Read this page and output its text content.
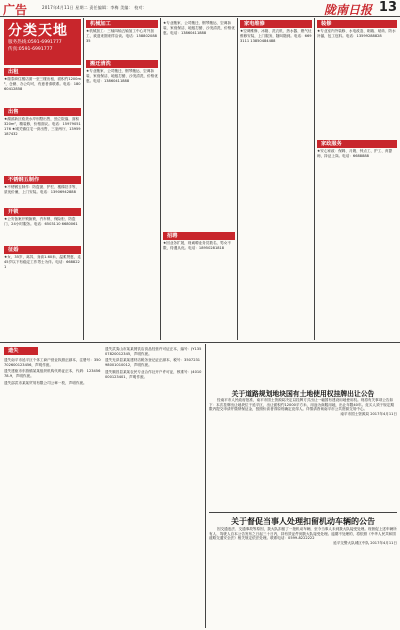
广告	2017年4月11日 星期二 责任编辑：李梅 美编： 校对：	陇南日报 13
分类天地
服务热线:0591-6991777
传真:0591-6991777
出租
★瑞泰商住楼店面一至三楼出租，面积约1200m²，仓储、办公均可，有意者请联系。电话：18060412858
出售
★湖滨新区欧美水岸别墅出售，独立院落，面积320m²，精装修，价格面议。电话：15979051176 ★城关镇住宅一套出售，三室两厅，13959187432
不锈钢五制作
★不锈钢五制作：防盗窗、护栏、楼梯扶手等，质优价廉，上门安装。电话：13906942888
开锁
★公安备案开锁换锁，汽车锁、保险柜、防盗门，24小时服务。电话：6503110 6680061
征婚
★女，35岁，离异，身高1.60米，温柔贤惠，觅45岁以下有稳定工作男士为伴。电话：6688221
机械加工
★机械加工：三轴四轴五轴加工中心对外加工，欢迎来图来样洽谈。电话：15880208835
搬迁清洗
★专业搬家、公司搬迁、钢琴搬运、空调拆装、家庭保洁、地板打蜡、沙发清洗，价格优惠。电话：13860411888
★专业搬家、公司搬迁、钢琴搬运、空调拆装、家庭保洁、地板打蜡、沙发清洗，价格优惠。电话：13860411888
招聘
★因业务扩展，现诚聘业务员数名，男女不限，待遇从优。电话：18950281818
家电维修
★空调维修、冰箱、洗衣机、热水器、燃气灶维修安装，上门服务，随叫随到。电话：6693111 13850484488
装修
★专业室内外装修、水电改造、刷墙、贴砖、防水补漏，包工包料。电话：13599288828
家政服务
★安心家政：保姆、月嫂、钟点工、护工、育婴师，持证上岗。电话：6688888
遗失

遗失南平市延平区个体工商户营业执照正副本，注册号：350702600123456，声明作废。

遗失建瓯市东游镇某某组织机构代码证正本，代码：12345678-9，声明作废。

遗失邵武市某某贸易有限公司公章一枚，声明作废。

遗失武夷山市某某餐饮店食品经营许可证正本，编号：JY13507820012345，声明作废。

遗失光泽县某某建材店税务登记证正副本，税号：350723198001010012，声明作废。

遗失顺昌县某某农民专业合作社开户许可证，核准号：J4010000123401，声明作废。

关于道路规划地块国有土地使用权挂牌出让公告
经南平市人民政府批准，南平市国土资源局决定以挂牌方式出让一幅国有建设用地使用权。现将有关事项公告如下：本次挂牌出让地块位于延平区，出让面积约12000平方米，用途为商服用地，出让年限40年。竞买人须于规定期限内提交申请并缴纳保证金，按照价高者得原则确定竞得人。详情请咨询南平市公共资源交易中心。
南平市国土资源局 2017年4月11日
关于督促当事人处理扣留机动车辆的公告
因交通违法、交通事故等原因，我大队扣留了一批机动车辆，至今当事人未到我大队接受处理。现督促上述车辆所有人、驾驶人自本公告发布之日起三十日内，持有效证件到我大队接受处理。逾期不处理的，将依照《中华人民共和国道路交通安全法》相关规定依法处理。联系电话：0599-8222222
延平交警大队城区中队 2017年4月11日
